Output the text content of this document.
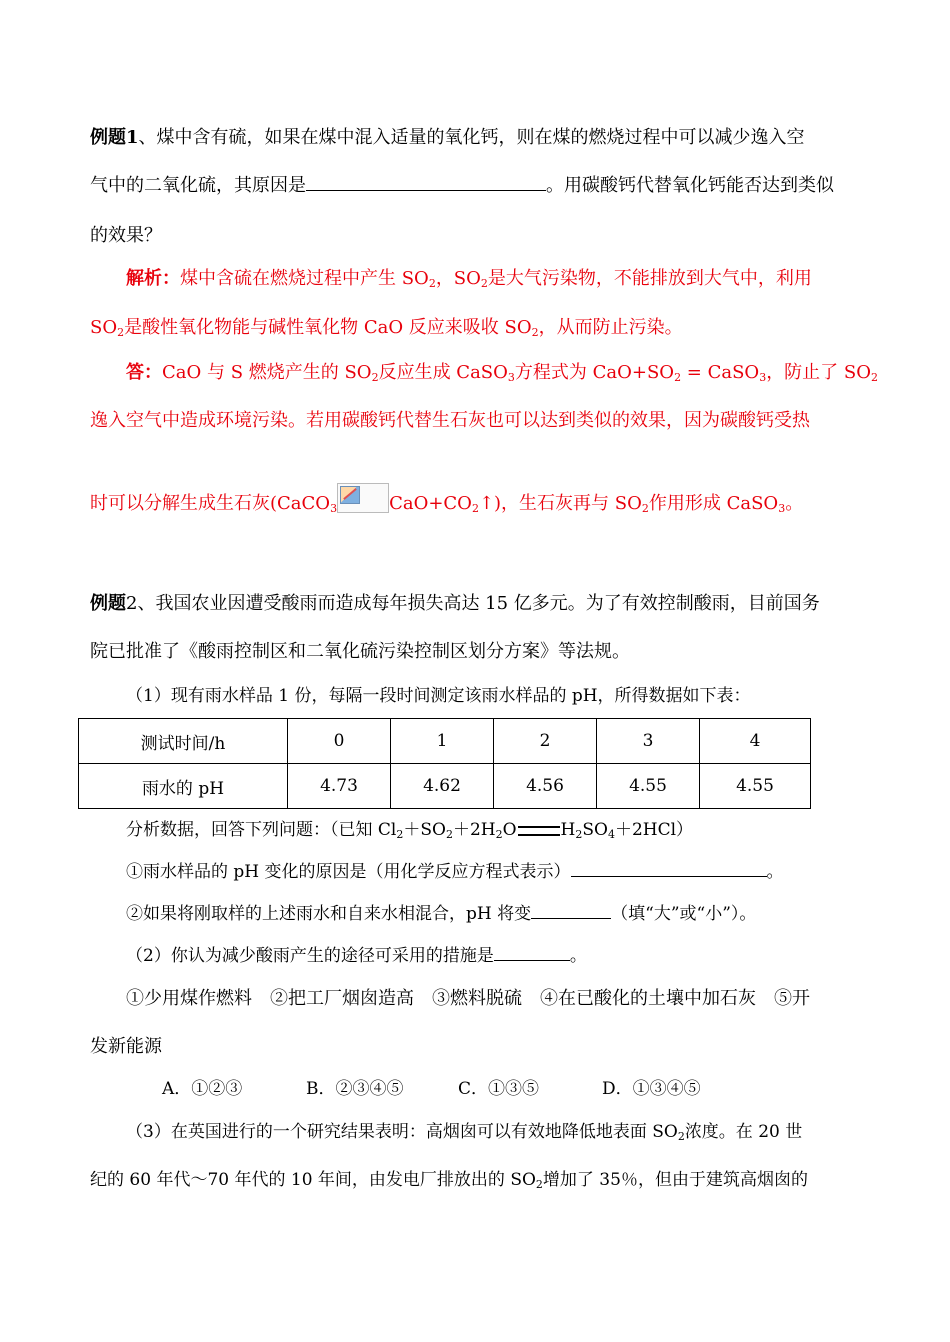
例题1、煤中含有硫，如果在煤中混入适量的氧化钙，则在煤的燃烧过程中可以减少逸入空
气中的二氧化硫，其原因是	。用碳酸钙代替氧化钙能否达到类似
的效果？
解析：煤中含硫在燃烧过程中产生 $SO_2$，$SO_2$是大气污染物，不能排放到大气中，利用
$SO_2$是酸性氧化物能与碱性氧化物 CaO 反应来吸收 $SO_2$，从而防止污染。
答：CaO 与 S 燃烧产生的 $SO_2$反应生成 CaSO$_3$方程式为 $CaO+SO_2$ = CaSO$_3$，防止了 $SO_2$
逸入空气中造成环境污染。若用碳酸钙代替生石灰也可以达到类似的效果，因为碳酸钙受热
时可以分解生成生石灰(CaCO$_3$	$CaO+CO_2↑$)，生石灰再与 $SO_2$作用形成 CaSO$_3$。
例题2、我国农业因遭受酸雨而造成每年损失高达 15 亿多元。为了有效控制酸雨，目前国务
院已批准了《酸雨控制区和二氧化硫污染控制区划分方案》等法规。
（1）现有雨水样品 1 份，每隔一段时间测定该雨水样品的 pH，所得数据如下表：
测试时间/h	0	1	2	3	4
雨水的 pH	4.73	4.62	4.56	4.55	4.55
分析数据，回答下列问题：（已知 $Cl_2+SO_2+2H_2O$	$H_2SO_4+2HCl$）
①雨水样品的 pH 变化的原因是（用化学反应方程式表示）	。
②如果将刚取样的上述雨水和自来水相混合，pH 将变	（填“大”或“小”）。
（2）你认为减少酸雨产生的途径可采用的措施是	。
①少用煤作燃料　②把工厂烟囱造高　③燃料脱硫　④在已酸化的土壤中加石灰　⑤开
发新能源
A．①②③	B．②③④⑤	C．①③⑤	D．①③④⑤
（3）在英国进行的一个研究结果表明：高烟囱可以有效地降低地表面 $SO_2$浓度。在 20 世
纪的 60 年代～70 年代的 10 年间，由发电厂排放出的 $SO_2$增加了 35％，但由于建筑高烟囱的
